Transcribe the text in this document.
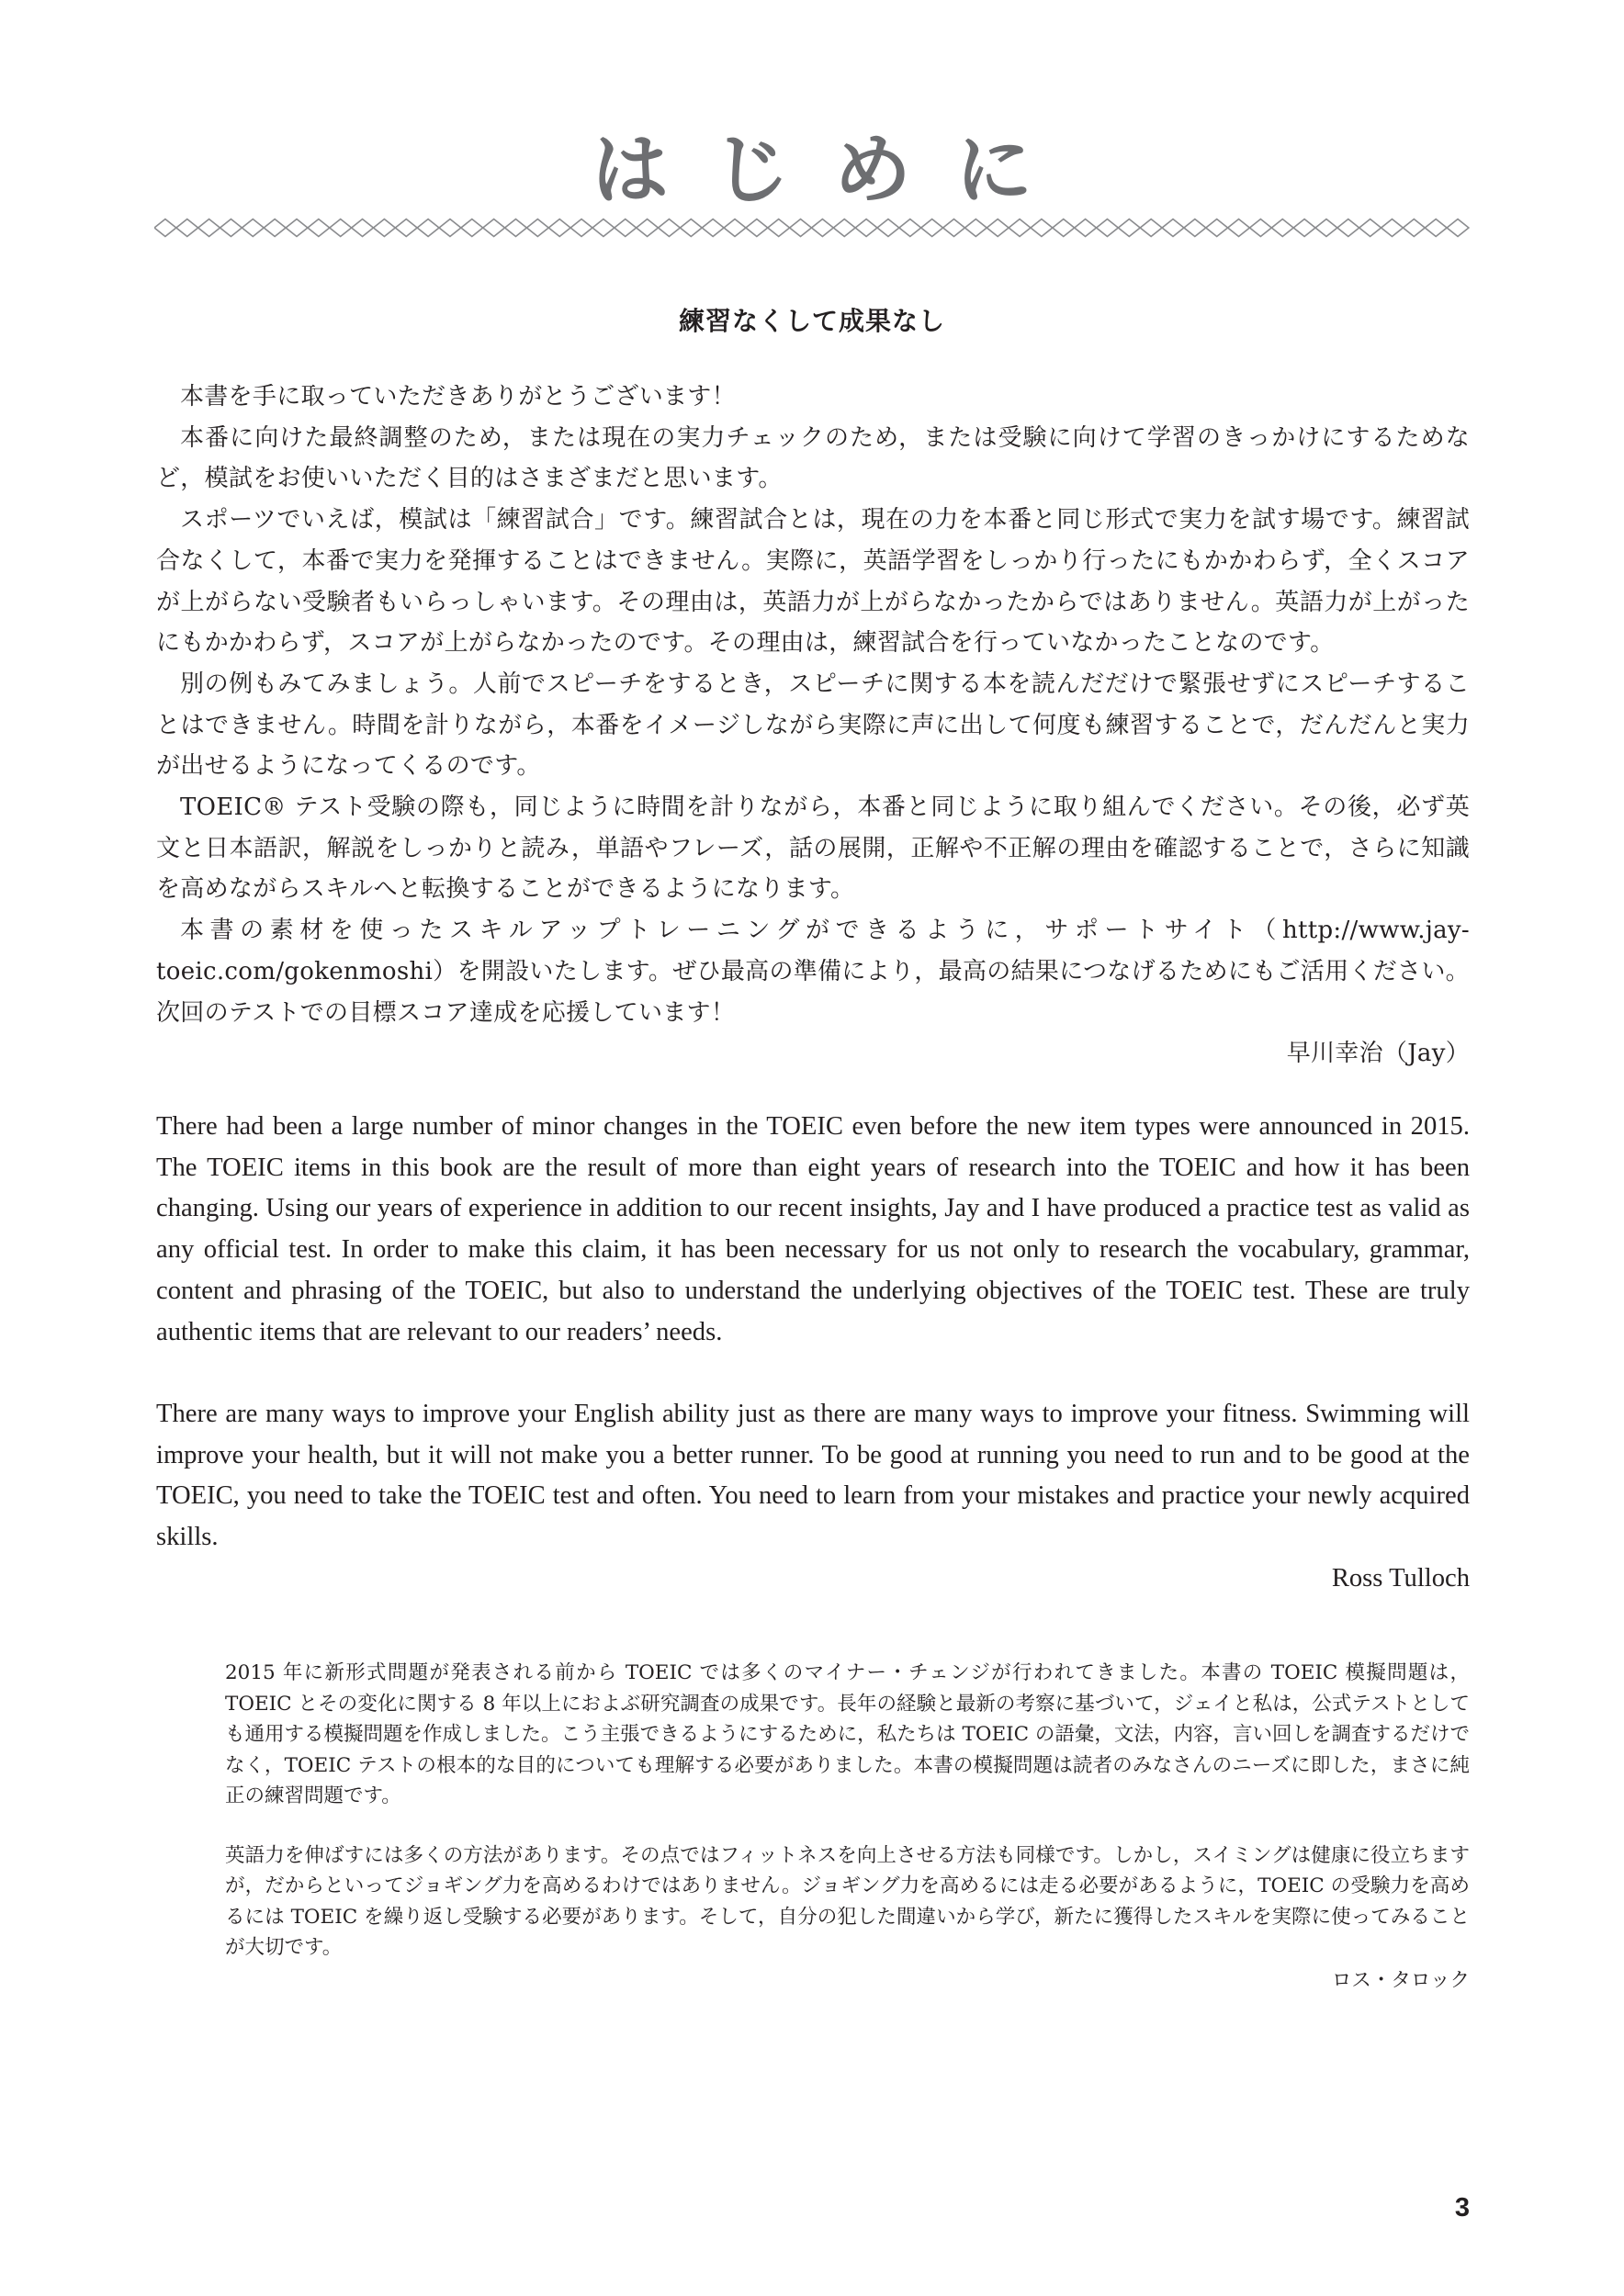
はじめに
練習なくして成果なし

本書を手に取っていただきありがとうございます！

本番に向けた最終調整のため，または現在の実力チェックのため，または受験に向けて学習のきっかけにするためなど，模試をお使いいただく目的はさまざまだと思います。

スポーツでいえば，模試は「練習試合」です。練習試合とは，現在の力を本番と同じ形式で実力を試す場です。練習試合なくして，本番で実力を発揮することはできません。実際に，英語学習をしっかり行ったにもかかわらず，全くスコアが上がらない受験者もいらっしゃいます。その理由は，英語力が上がらなかったからではありません。英語力が上がったにもかかわらず，スコアが上がらなかったのです。その理由は，練習試合を行っていなかったことなのです。

別の例もみてみましょう。人前でスピーチをするとき，スピーチに関する本を読んだだけで緊張せずにスピーチすることはできません。時間を計りながら，本番をイメージしながら実際に声に出して何度も練習することで，だんだんと実力が出せるようになってくるのです。

TOEIC® テスト受験の際も，同じように時間を計りながら，本番と同じように取り組んでください。その後，必ず英文と日本語訳，解説をしっかりと読み，単語やフレーズ，話の展開，正解や不正解の理由を確認することで，さらに知識を高めながらスキルへと転換することができるようになります。

本書の素材を使ったスキルアップトレーニングができるように，サポートサイト（http://www.jay-toeic.com/gokenmoshi）を開設いたします。ぜひ最高の準備により，最高の結果につなげるためにもご活用ください。次回のテストでの目標スコア達成を応援しています！

早川幸治（Jay）

There had been a large number of minor changes in the TOEIC even before the new item types were announced in 2015. The TOEIC items in this book are the result of more than eight years of research into the TOEIC and how it has been changing. Using our years of experience in addition to our recent insights, Jay and I have produced a practice test as valid as any official test. In order to make this claim, it has been necessary for us not only to research the vocabulary, grammar, content and phrasing of the TOEIC, but also to understand the underlying objectives of the TOEIC test. These are truly authentic items that are relevant to our readers’ needs.

There are many ways to improve your English ability just as there are many ways to improve your fitness. Swimming will improve your health, but it will not make you a better runner. To be good at running you need to run and to be good at the TOEIC, you need to take the TOEIC test and often. You need to learn from your mistakes and practice your newly acquired skills.

Ross Tulloch

2015 年に新形式問題が発表される前から TOEIC では多くのマイナー・チェンジが行われてきました。本書の TOEIC 模擬問題は，TOEIC とその変化に関する 8 年以上におよぶ研究調査の成果です。長年の経験と最新の考察に基づいて，ジェイと私は，公式テストとしても通用する模擬問題を作成しました。こう主張できるようにするために，私たちは TOEIC の語彙，文法，内容，言い回しを調査するだけでなく，TOEIC テストの根本的な目的についても理解する必要がありました。本書の模擬問題は読者のみなさんのニーズに即した，まさに純正の練習問題です。

英語力を伸ばすには多くの方法があります。その点ではフィットネスを向上させる方法も同様です。しかし，スイミングは健康に役立ちますが，だからといってジョギング力を高めるわけではありません。ジョギング力を高めるには走る必要があるように，TOEIC の受験力を高めるには TOEIC を繰り返し受験する必要があります。そして，自分の犯した間違いから学び，新たに獲得したスキルを実際に使ってみることが大切です。

ロス・タロック

3
